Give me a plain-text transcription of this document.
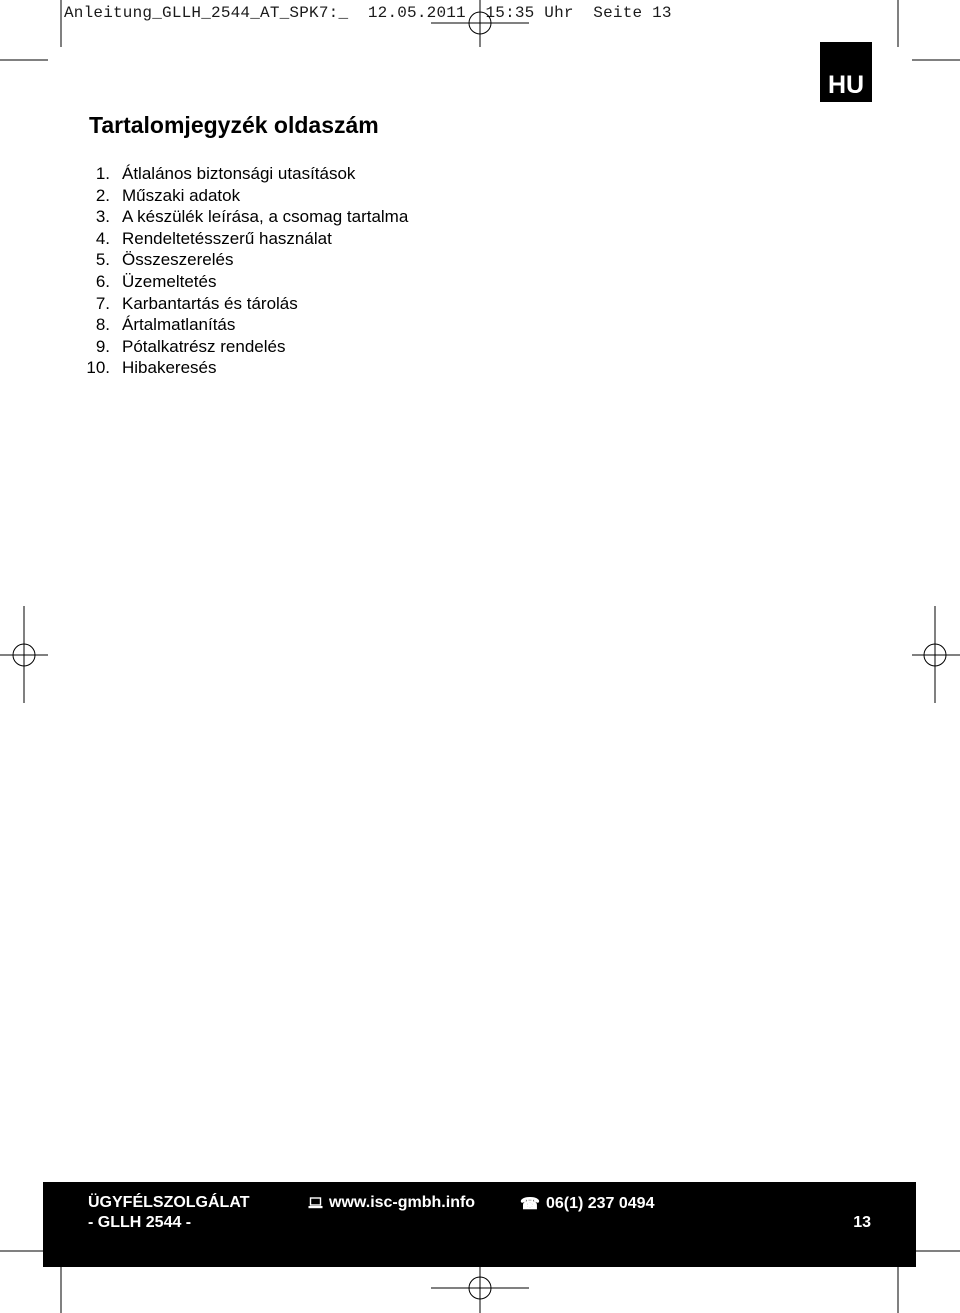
Anleitung_GLLH_2544_AT_SPK7:_  12.05.2011  15:35 Uhr  Seite 13
HU
Tartalomjegyzék oldaszám
1. Átlalános biztonsági utasítások
2. Műszaki adatok
3. A készülék leírása, a csomag tartalma
4. Rendeltetésszerű használat
5. Összeszerelés
6. Üzemeltetés
7. Karbantartás és tárolás
8. Ártalmatlanítás
9. Pótalkatrész rendelés
10. Hibakeresés
ÜGYFÉLSZOLGÁLAT	www.isc-gmbh.info	☎ 06(1) 237 0494
- GLLH 2544 -	13
